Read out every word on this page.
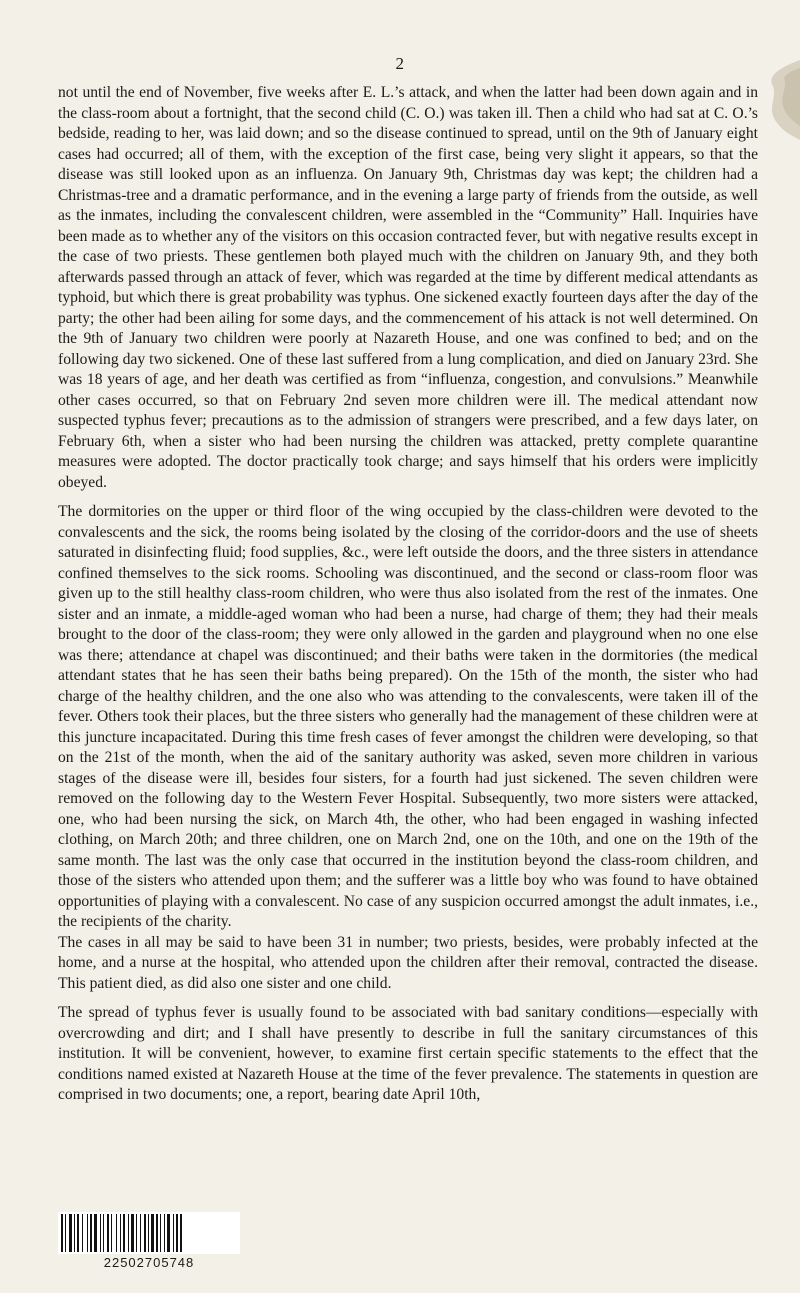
2

not until the end of November, five weeks after E. L.’s attack, and when the latter had been down again and in the class-room about a fortnight, that the second child (C. O.) was taken ill. Then a child who had sat at C. O.’s bedside, reading to her, was laid down; and so the disease continued to spread, until on the 9th of January eight cases had occurred; all of them, with the exception of the first case, being very slight it appears, so that the disease was still looked upon as an influenza. On January 9th, Christmas day was kept; the children had a Christmas-tree and a dramatic performance, and in the evening a large party of friends from the outside, as well as the inmates, including the convalescent children, were assembled in the “Community” Hall. Inquiries have been made as to whether any of the visitors on this occasion contracted fever, but with negative results except in the case of two priests. These gentlemen both played much with the children on January 9th, and they both afterwards passed through an attack of fever, which was regarded at the time by different medical attendants as typhoid, but which there is great probability was typhus. One sickened exactly fourteen days after the day of the party; the other had been ailing for some days, and the commencement of his attack is not well determined. On the 9th of January two children were poorly at Nazareth House, and one was confined to bed; and on the following day two sickened. One of these last suffered from a lung complication, and died on January 23rd. She was 18 years of age, and her death was certified as from “influenza, congestion, and convulsions.” Meanwhile other cases occurred, so that on February 2nd seven more children were ill. The medical attendant now suspected typhus fever; precautions as to the admission of strangers were prescribed, and a few days later, on February 6th, when a sister who had been nursing the children was attacked, pretty complete quarantine measures were adopted. The doctor practically took charge; and says himself that his orders were implicitly obeyed.

The dormitories on the upper or third floor of the wing occupied by the class-children were devoted to the convalescents and the sick, the rooms being isolated by the closing of the corridor-doors and the use of sheets saturated in disinfecting fluid; food supplies, &c., were left outside the doors, and the three sisters in attendance confined themselves to the sick rooms. Schooling was discontinued, and the second or class-room floor was given up to the still healthy class-room children, who were thus also isolated from the rest of the inmates. One sister and an inmate, a middle-aged woman who had been a nurse, had charge of them; they had their meals brought to the door of the class-room; they were only allowed in the garden and playground when no one else was there; attendance at chapel was discontinued; and their baths were taken in the dormitories (the medical attendant states that he has seen their baths being prepared). On the 15th of the month, the sister who had charge of the healthy children, and the one also who was attending to the convalescents, were taken ill of the fever. Others took their places, but the three sisters who generally had the management of these children were at this juncture incapacitated. During this time fresh cases of fever amongst the children were developing, so that on the 21st of the month, when the aid of the sanitary authority was asked, seven more children in various stages of the disease were ill, besides four sisters, for a fourth had just sickened. The seven children were removed on the following day to the Western Fever Hospital. Subsequently, two more sisters were attacked, one, who had been nursing the sick, on March 4th, the other, who had been engaged in washing infected clothing, on March 20th; and three children, one on March 2nd, one on the 10th, and one on the 19th of the same month. The last was the only case that occurred in the institution beyond the class-room children, and those of the sisters who attended upon them; and the sufferer was a little boy who was found to have obtained opportunities of playing with a convalescent. No case of any suspicion occurred amongst the adult inmates, i.e., the recipients of the charity.

The cases in all may be said to have been 31 in number; two priests, besides, were probably infected at the home, and a nurse at the hospital, who attended upon the children after their removal, contracted the disease. This patient died, as did also one sister and one child.

The spread of typhus fever is usually found to be associated with bad sanitary conditions—especially with overcrowding and dirt; and I shall have presently to describe in full the sanitary circumstances of this institution. It will be convenient, however, to examine first certain specific statements to the effect that the conditions named existed at Nazareth House at the time of the fever prevalence. The statements in question are comprised in two documents; one, a report, bearing date April 10th,

22502705748
